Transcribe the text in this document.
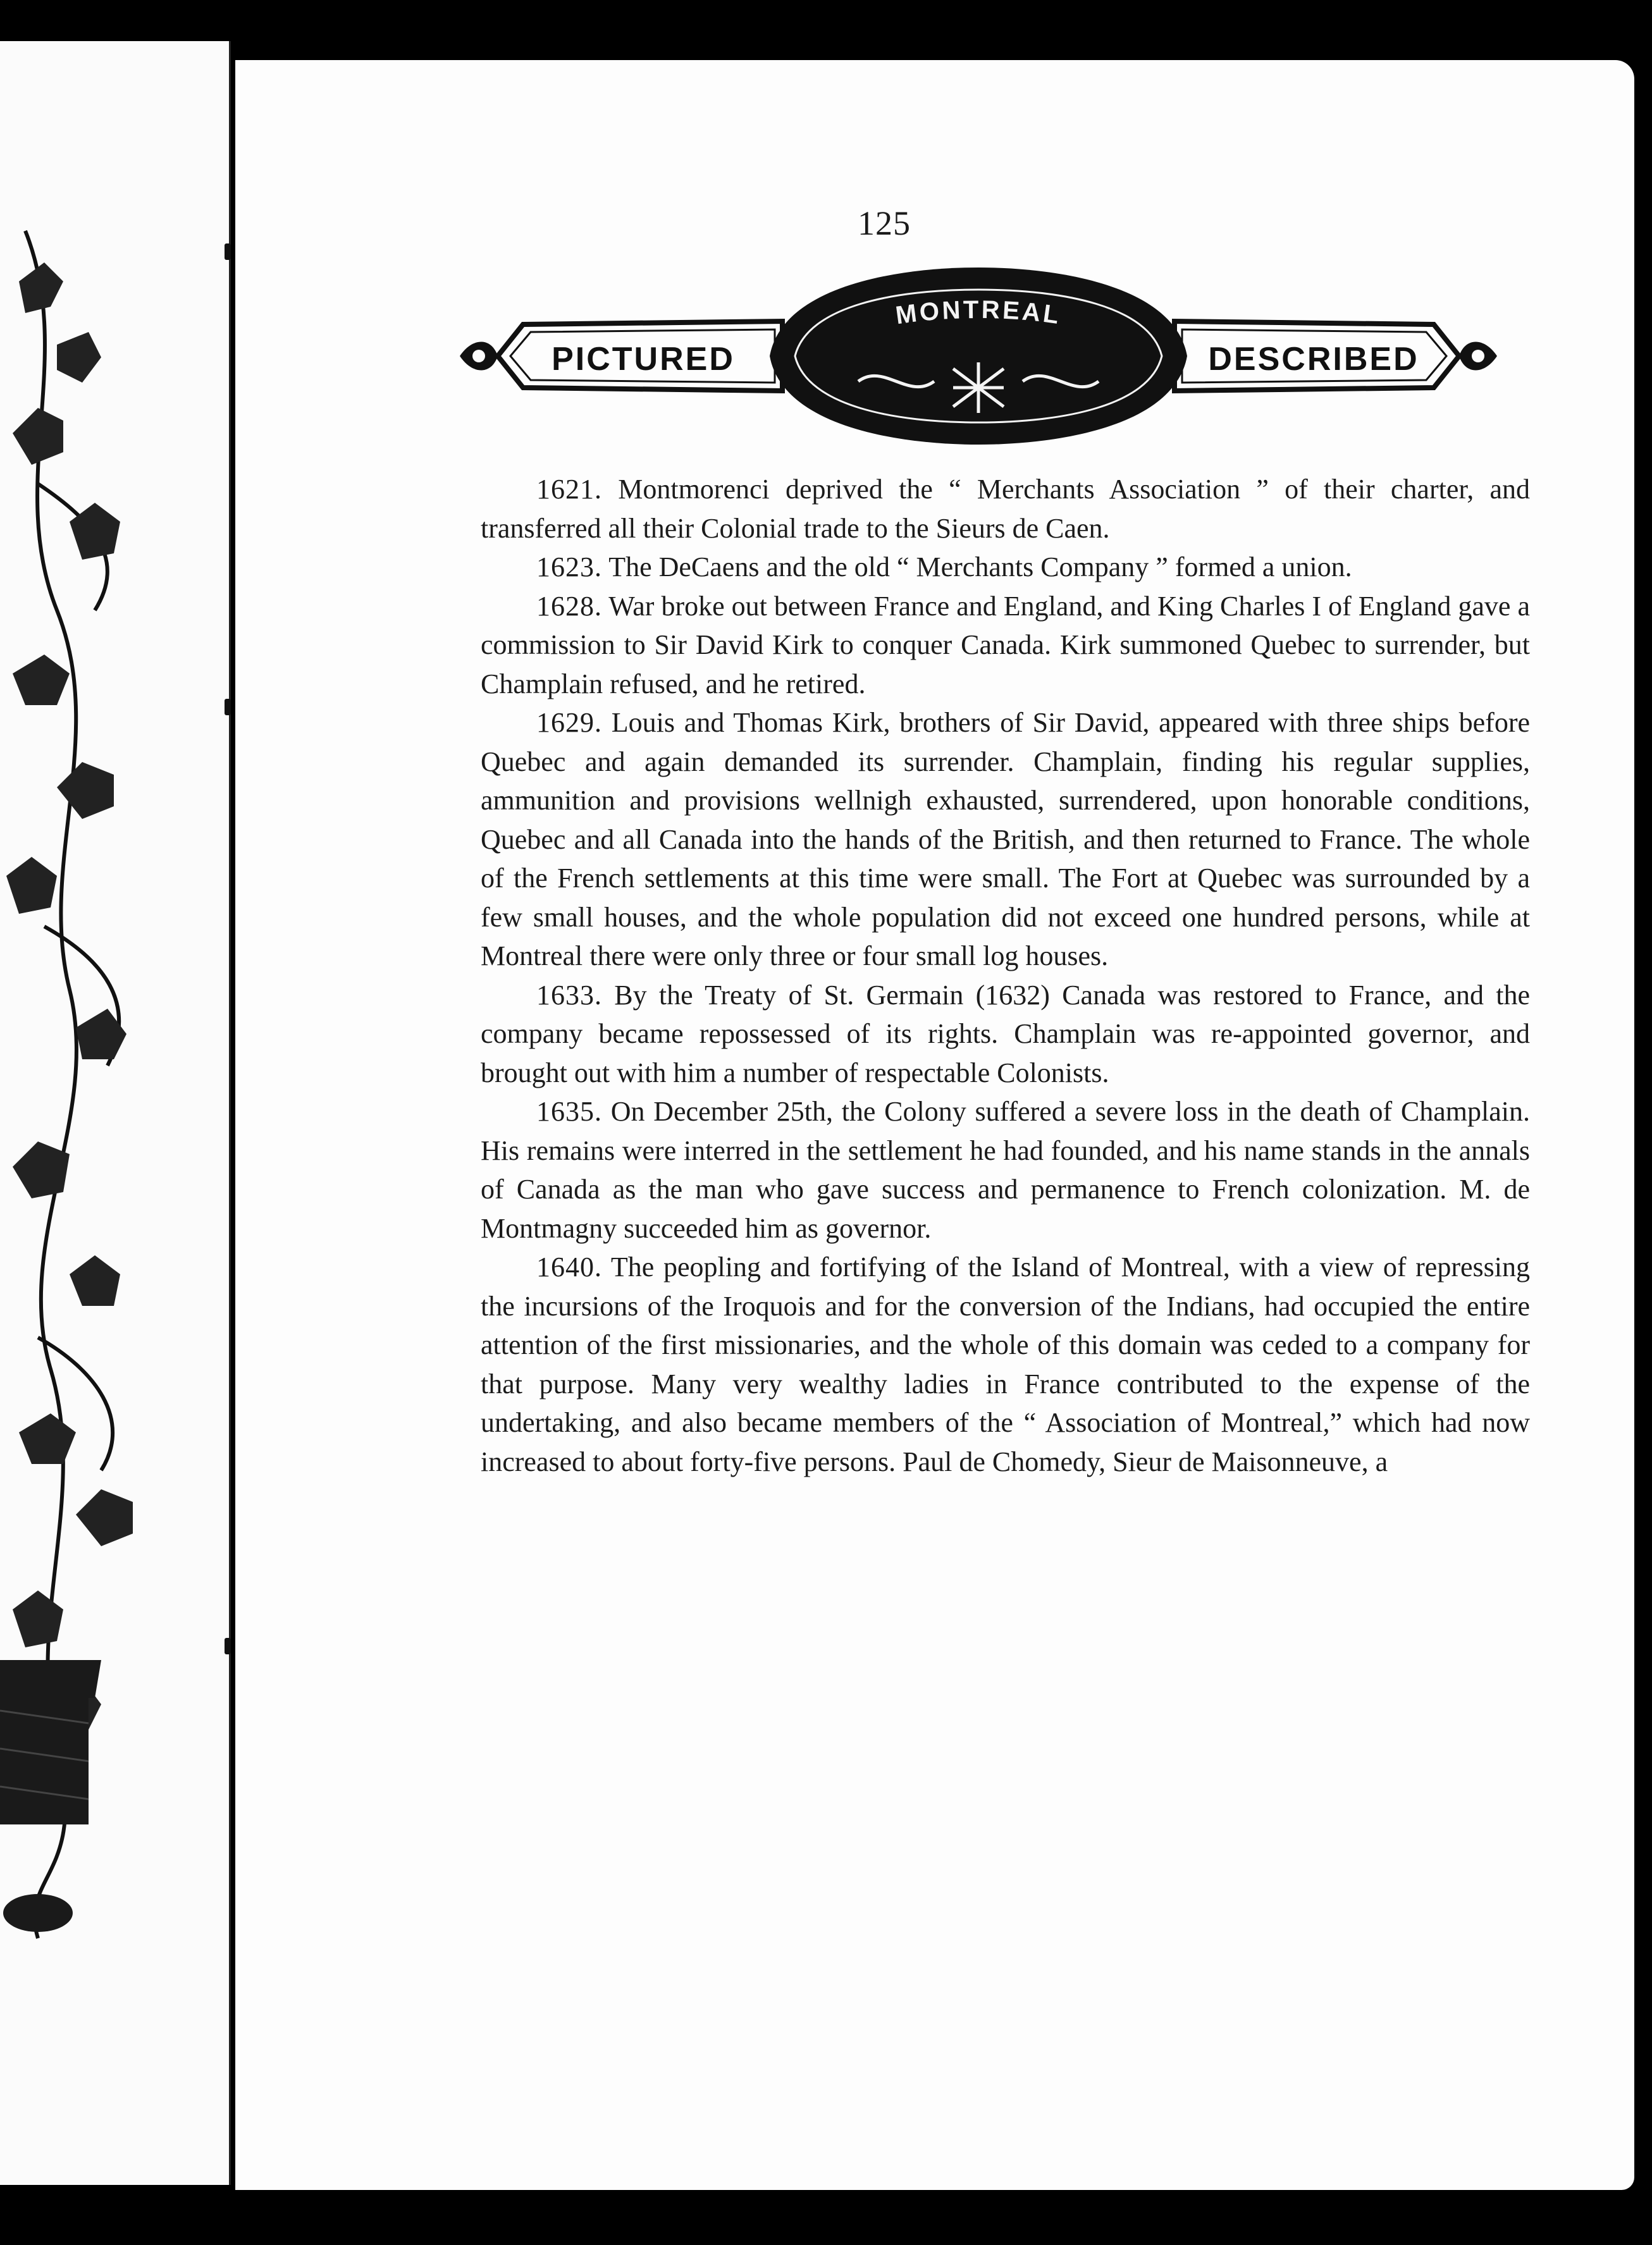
125
MONTREAL
PICTURED	DESCRIBED

1621. Montmorenci deprived the “ Merchants Association ” of their charter, and transferred all their Colonial trade to the Sieurs de Caen.

1623. The DeCaens and the old “ Merchants Company ” formed a union.

1628. War broke out between France and England, and King Charles I of England gave a commission to Sir David Kirk to conquer Canada. Kirk summoned Quebec to surrender, but Champlain refused, and he retired.

1629. Louis and Thomas Kirk, brothers of Sir David, appeared with three ships before Quebec and again demanded its surrender. Champlain, finding his regular supplies, ammunition and provisions wellnigh exhausted, surrendered, upon honorable conditions, Quebec and all Canada into the hands of the British, and then returned to France. The whole of the French settlements at this time were small. The Fort at Quebec was surrounded by a few small houses, and the whole population did not exceed one hundred persons, while at Montreal there were only three or four small log houses.

1633. By the Treaty of St. Germain (1632) Canada was restored to France, and the company became repossessed of its rights. Champlain was re-appointed governor, and brought out with him a number of respectable Colonists.

1635. On December 25th, the Colony suffered a severe loss in the death of Champlain. His remains were interred in the settlement he had founded, and his name stands in the annals of Canada as the man who gave success and permanence to French colonization. M. de Montmagny succeeded him as governor.

1640. The peopling and fortifying of the Island of Montreal, with a view of repressing the incursions of the Iroquois and for the conversion of the Indians, had occupied the entire attention of the first missionaries, and the whole of this domain was ceded to a company for that purpose. Many very wealthy ladies in France contributed to the expense of the undertaking, and also became members of the “ Association of Montreal,” which had now increased to about forty-five persons. Paul de Chomedy, Sieur de Maisonneuve, a
